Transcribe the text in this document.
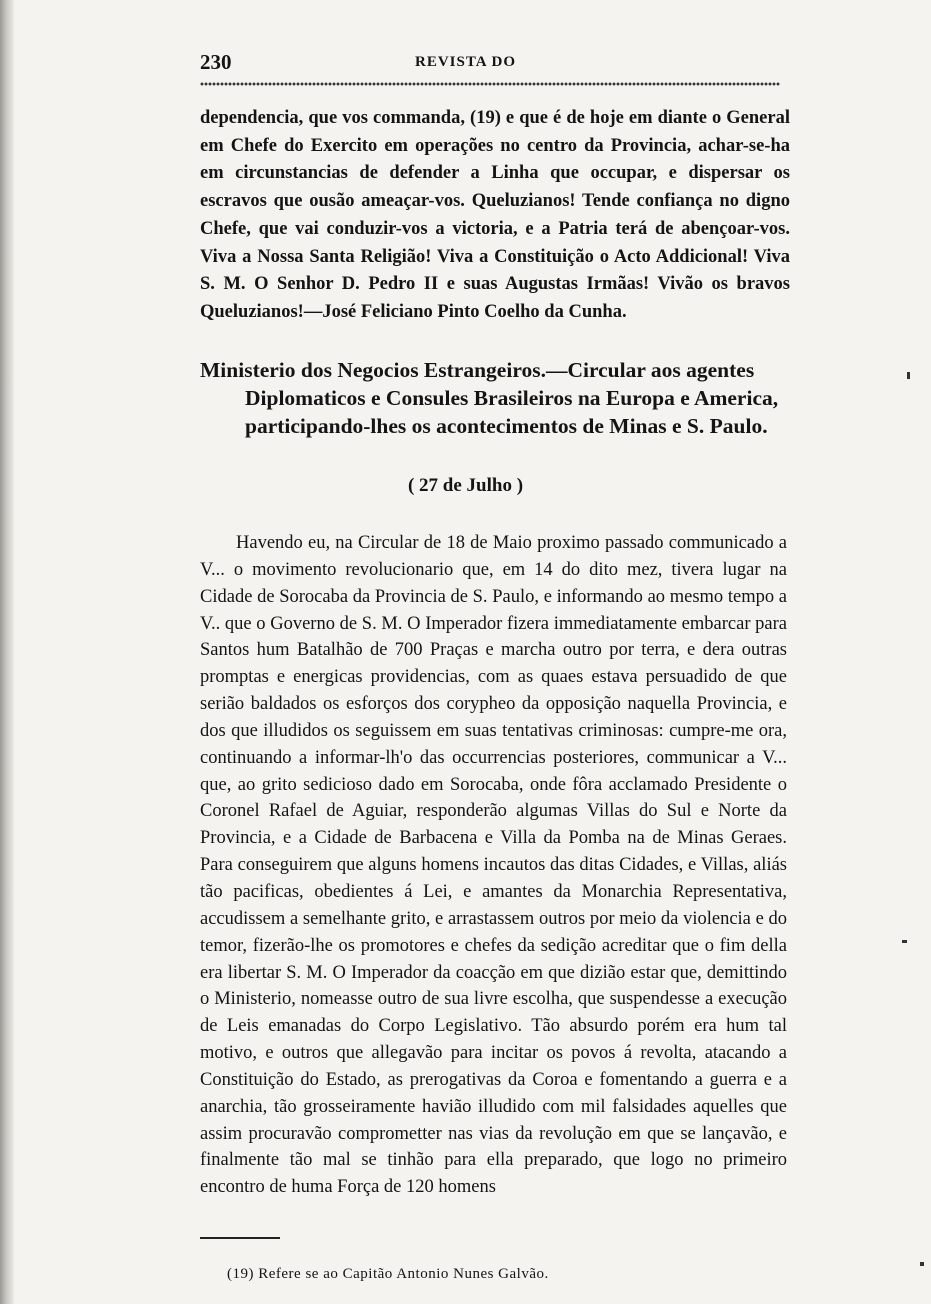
230	REVISTA DO
dependencia, que vos commanda, (19) e que é de hoje em diante o General em Chefe do Exercito em operações no centro da Provincia, achar-se-ha em circunstancias de defender a Linha que occupar, e dispersar os escravos que ousão ameaçar-vos. Queluzianos! Tende confiança no digno Chefe, que vai conduzir-vos a victoria, e a Patria terá de abençoar-vos. Viva a Nossa Santa Religião! Viva a Constituição o Acto Addicional! Viva S. M. O Senhor D. Pedro II e suas Augustas Irmãas! Vivão os bravos Queluzianos!—José Feliciano Pinto Coelho da Cunha.
Ministerio dos Negocios Estrangeiros.—Circular aos agentes Diplomaticos e Consules Brasileiros na Europa e America, participando-lhes os acontecimentos de Minas e S. Paulo.
( 27 de Julho )

Havendo eu, na Circular de 18 de Maio proximo passado communicado a V... o movimento revolucionario que, em 14 do dito mez, tivera lugar na Cidade de Sorocaba da Provincia de S. Paulo, e informando ao mesmo tempo a V.. que o Governo de S. M. O Imperador fizera immediatamente embarcar para Santos hum Batalhão de 700 Praças e marcha outro por terra, e dera outras promptas e energicas providencias, com as quaes estava persuadido de que serião baldados os esforços dos corypheo da opposição naquella Provincia, e dos que illudidos os seguissem em suas tentativas criminosas: cumpre-me ora, continuando a informar-lh'o das occurrencias posteriores, communicar a V... que, ao grito sedicioso dado em Sorocaba, onde fôra acclamado Presidente o Coronel Rafael de Aguiar, responderão algumas Villas do Sul e Norte da Provincia, e a Cidade de Barbacena e Villa da Pomba na de Minas Geraes. Para conseguirem que alguns homens incautos das ditas Cidades, e Villas, aliás tão pacificas, obedientes á Lei, e amantes da Monarchia Representativa, accudissem a semelhante grito, e arrastassem outros por meio da violencia e do temor, fizerão-lhe os promotores e chefes da sedição acreditar que o fim della era libertar S. M. O Imperador da coacção em que dizião estar que, demittindo o Ministerio, nomeasse outro de sua livre escolha, que suspendesse a execução de Leis emanadas do Corpo Legislativo. Tão absurdo porém era hum tal motivo, e outros que allegavão para incitar os povos á revolta, atacando a Constituição do Estado, as prerogativas da Coroa e fomentando a guerra e a anarchia, tão grosseiramente havião illudido com mil falsidades aquelles que assim procuravão comprometter nas vias da revolução em que se lançavão, e finalmente tão mal se tinhão para ella preparado, que logo no primeiro encontro de huma Força de 120 homens

(19) Refere se ao Capitão Antonio Nunes Galvão.
